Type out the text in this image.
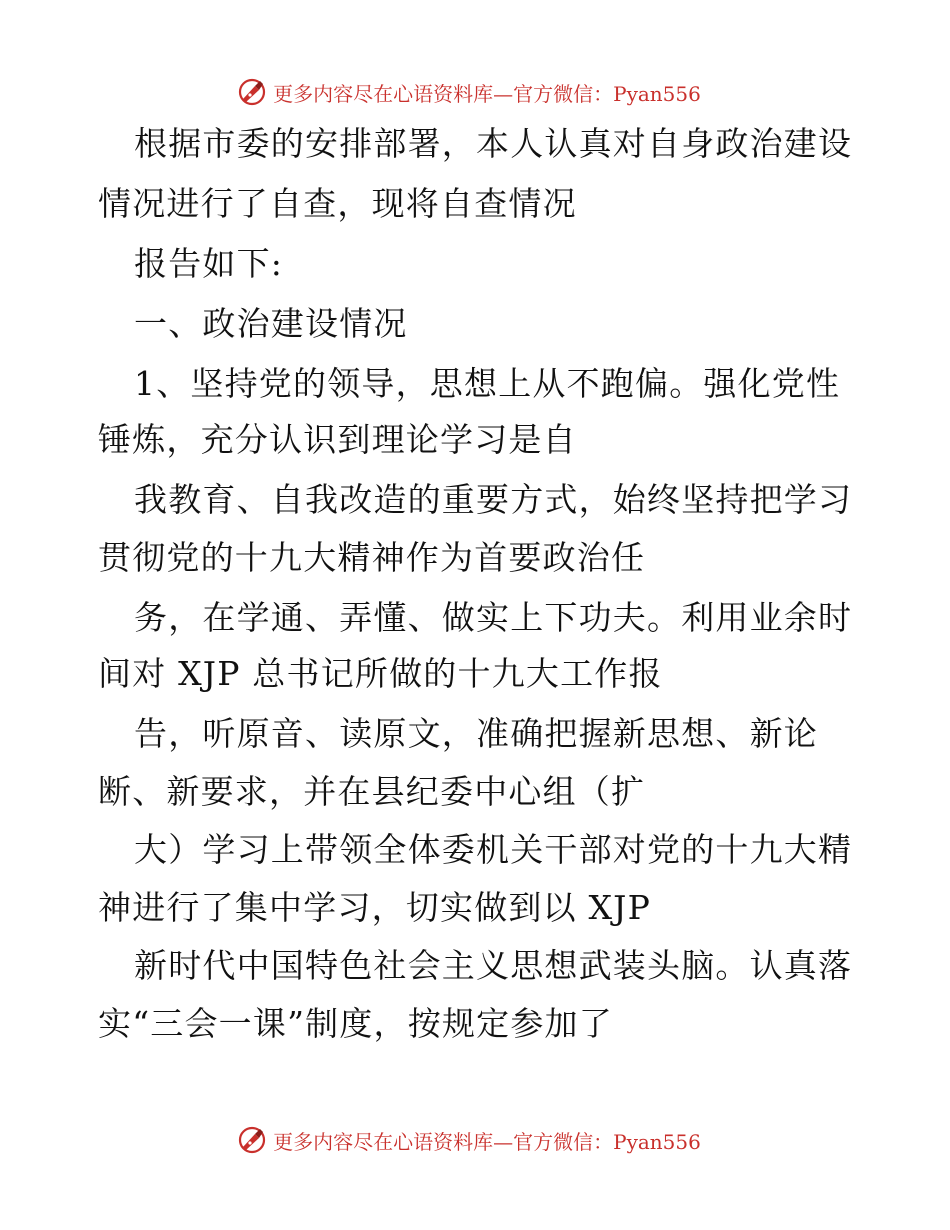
更多内容尽在心语资料库—官方微信：Pyan556
根据市委的安排部署，本人认真对自身政治建设
情况进行了自查，现将自查情况
报告如下:
一、政治建设情况
1、坚持党的领导，思想上从不跑偏。强化党性
锤炼，充分认识到理论学习是自
我教育、自我改造的重要方式，始终坚持把学习
贯彻党的十九大精神作为首要政治任
务，在学通、弄懂、做实上下功夫。利用业余时
间对 XJP 总书记所做的十九大工作报
告，听原音、读原文，准确把握新思想、新论
断、新要求，并在县纪委中心组（扩
大）学习上带领全体委机关干部对党的十九大精
神进行了集中学习，切实做到以 XJP
新时代中国特色社会主义思想武装头脑。认真落
实“三会一课”制度，按规定参加了
更多内容尽在心语资料库—官方微信：Pyan556
